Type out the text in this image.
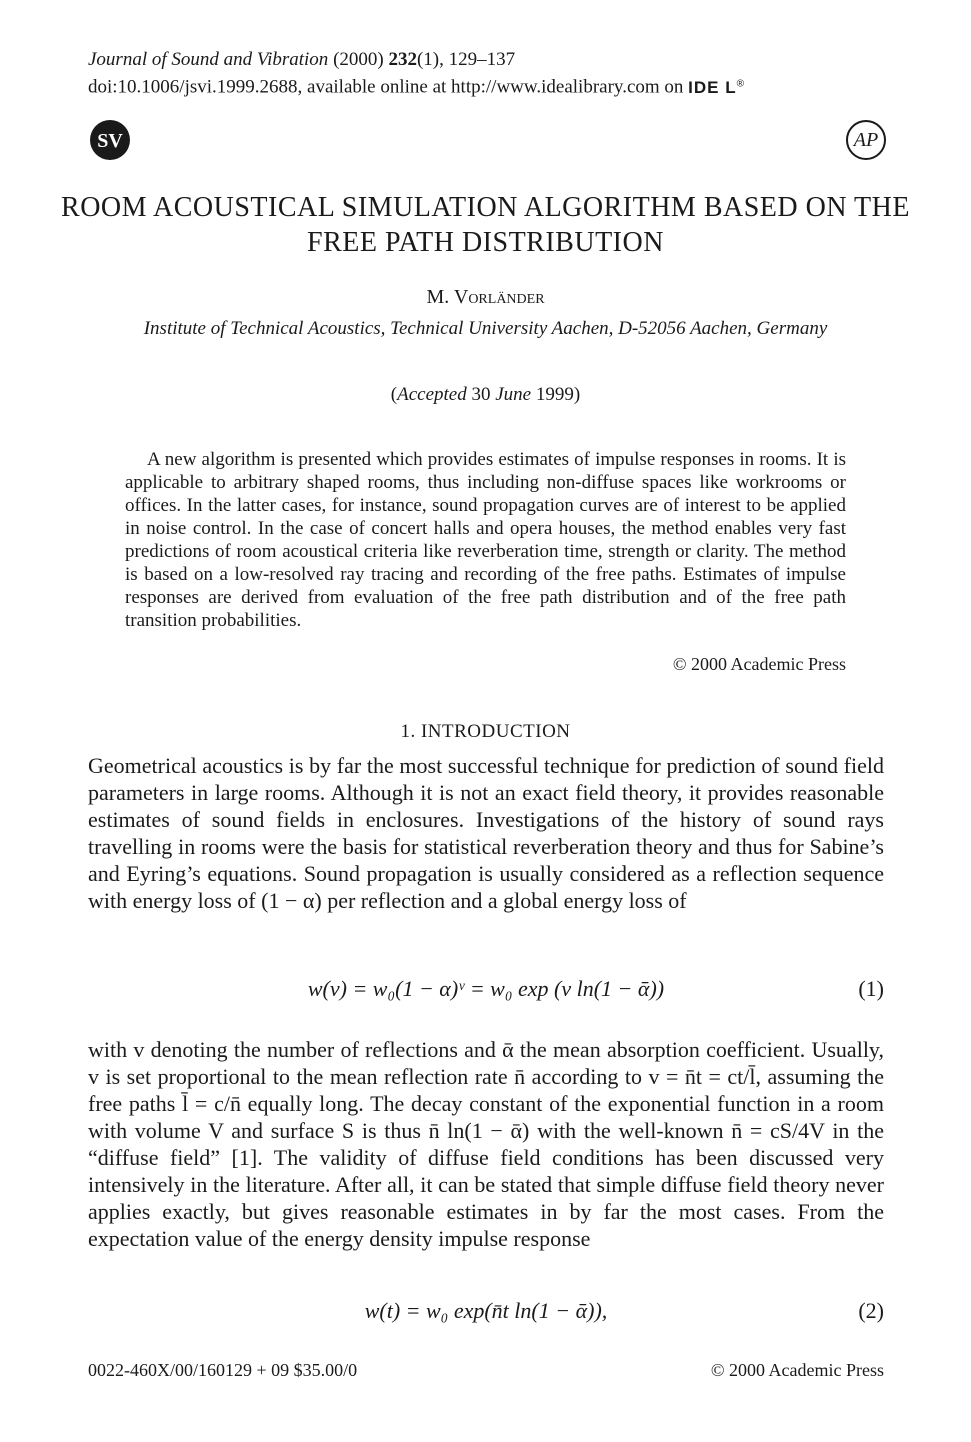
Journal of Sound and Vibration (2000) 232(1), 129–137
doi:10.1006/jsvi.1999.2688, available online at http://www.idealibrary.com on IDE L®
SV	AP
ROOM ACOUSTICAL SIMULATION ALGORITHM BASED ON THE FREE PATH DISTRIBUTION
M. Vorländer
Institute of Technical Acoustics, Technical University Aachen, D-52056 Aachen, Germany
(Accepted 30 June 1999)

A new algorithm is presented which provides estimates of impulse responses in rooms. It is applicable to arbitrary shaped rooms, thus including non-diffuse spaces like workrooms or offices. In the latter cases, for instance, sound propagation curves are of interest to be applied in noise control. In the case of concert halls and opera houses, the method enables very fast predictions of room acoustical criteria like reverberation time, strength or clarity. The method is based on a low-resolved ray tracing and recording of the free paths. Estimates of impulse responses are derived from evaluation of the free path distribution and of the free path transition probabilities.

© 2000 Academic Press
1. INTRODUCTION

Geometrical acoustics is by far the most successful technique for prediction of sound field parameters in large rooms. Although it is not an exact field theory, it provides reasonable estimates of sound fields in enclosures. Investigations of the history of sound rays travelling in rooms were the basis for statistical reverberation theory and thus for Sabine’s and Eyring’s equations. Sound propagation is usually considered as a reflection sequence with energy loss of (1 − α) per reflection and a global energy loss of

w(v) = w₀(1 − α)ᵛ = w₀ exp (v ln(1 − ᾱ))	(1)

with v denoting the number of reflections and ᾱ the mean absorption coefficient. Usually, v is set proportional to the mean reflection rate n̄ according to v = n̄t = ct/l̄, assuming the free paths l̄ = c/n̄ equally long. The decay constant of the exponential function in a room with volume V and surface S is thus n̄ ln(1 − ᾱ) with the well-known n̄ = cS/4V in the “diffuse field” [1]. The validity of diffuse field conditions has been discussed very intensively in the literature. After all, it can be stated that simple diffuse field theory never applies exactly, but gives reasonable estimates in by far the most cases. From the expectation value of the energy density impulse response

w(t) = w₀ exp(n̄t ln(1 − ᾱ)),	(2)
0022-460X/00/160129 + 09 $35.00/0	© 2000 Academic Press
